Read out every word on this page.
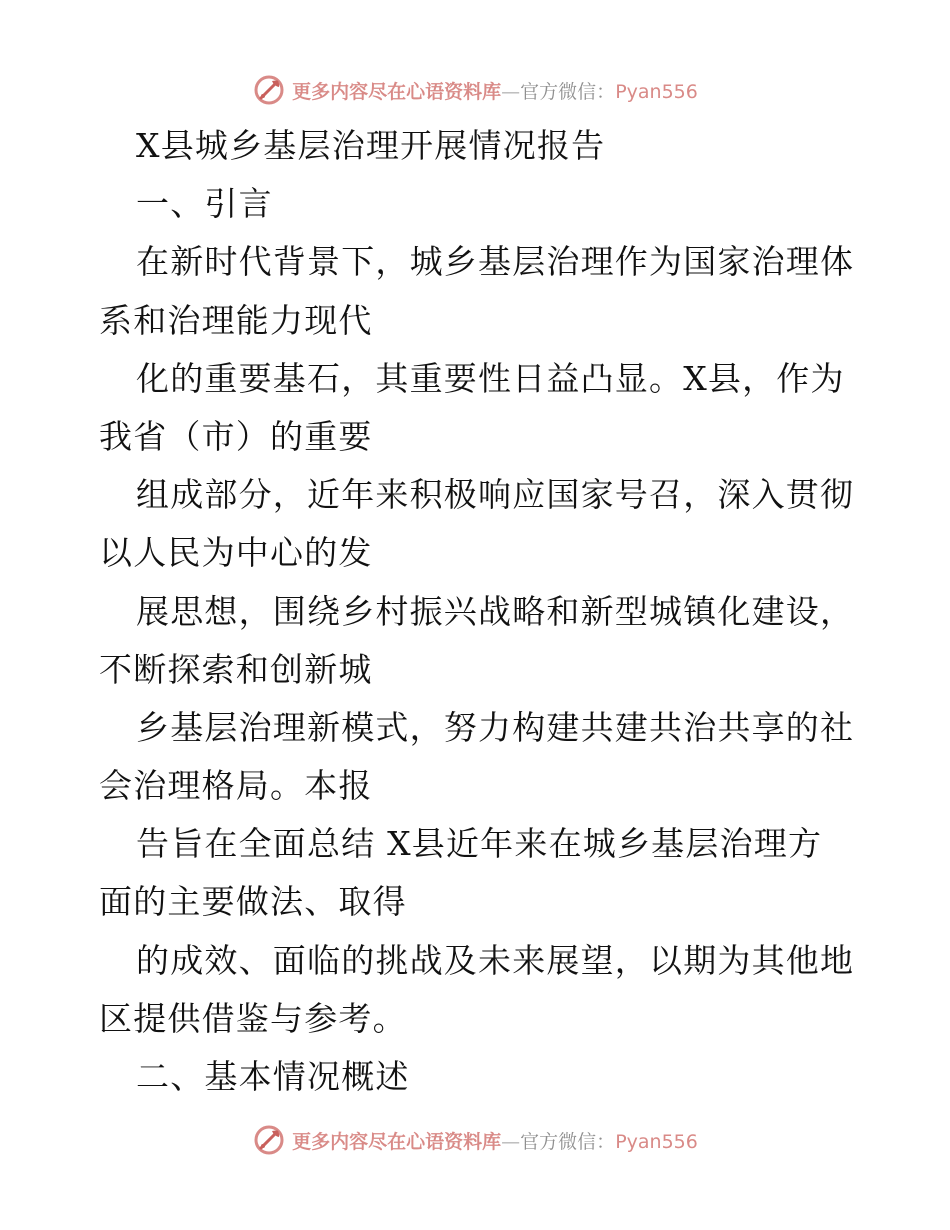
更多内容尽在心语资料库—官方微信：Pyan556
X县城乡基层治理开展情况报告
一、引言
在新时代背景下，城乡基层治理作为国家治理体
系和治理能力现代
化的重要基石，其重要性日益凸显。X县，作为
我省（市）的重要
组成部分，近年来积极响应国家号召，深入贯彻
以人民为中心的发
展思想，围绕乡村振兴战略和新型城镇化建设，
不断探索和创新城
乡基层治理新模式，努力构建共建共治共享的社
会治理格局。本报
告旨在全面总结 X县近年来在城乡基层治理方
面的主要做法、取得
的成效、面临的挑战及未来展望，以期为其他地
区提供借鉴与参考。
二、基本情况概述
更多内容尽在心语资料库—官方微信：Pyan556
